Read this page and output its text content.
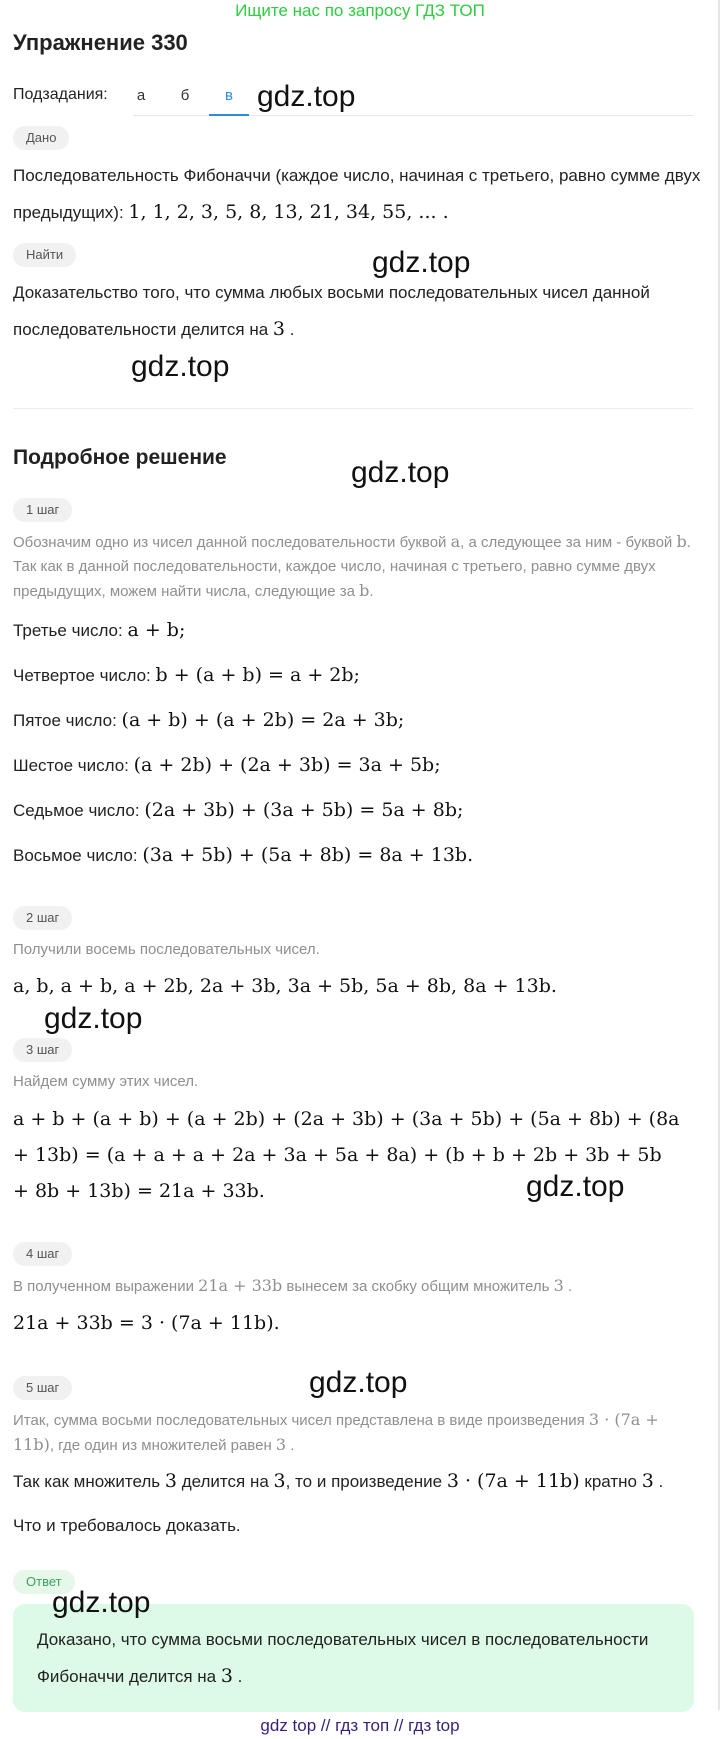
Ищите нас по запросу ГДЗ ТОП
Упражнение 330
Подзадания:	а	б	в gdz.top
Дано
Последовательность Фибоначчи (каждое число, начиная с третьего, равно сумме двух предыдущих): 1, 1, 2, 3, 5, 8, 13, 21, 34, 55, ... .
Найти	gdz.top
Доказательство того, что сумма любых восьми последовательных чисел данной последовательности делится на 3 .
gdz.top
Подробное решение	gdz.top
1 шаг
Обозначим одно из чисел данной последовательности буквой a, а следующее за ним - буквой b. Так как в данной последовательности, каждое число, начиная с третьего, равно сумме двух предыдущих, можем найти числа, следующие за b.
Третье число: a + b;
Четвертое число: b + (a + b) = a + 2b;
Пятое число: (a + b) + (a + 2b) = 2a + 3b;
Шестое число: (a + 2b) + (2a + 3b) = 3a + 5b;
Седьмое число: (2a + 3b) + (3a + 5b) = 5a + 8b;
Восьмое число: (3a + 5b) + (5a + 8b) = 8a + 13b.
2 шаг
Получили восемь последовательных чисел.
a, b, a + b, a + 2b, 2a + 3b, 3a + 5b, 5a + 8b, 8a + 13b.
gdz.top
3 шаг
Найдем сумму этих чисел.
a + b + (a + b) + (a + 2b) + (2a + 3b) + (3a + 5b) + (5a + 8b) + (8a + 13b) = (a + a + a + 2a + 3a + 5a + 8a) + (b + b + 2b + 3b + 5b + 8b + 13b) = 21a + 33b.	gdz.top
4 шаг
В полученном выражении 21a + 33b вынесем за скобку общим множитель 3 .
21a + 33b = 3 · (7a + 11b).
gdz.top
5 шаг
Итак, сумма восьми последовательных чисел представлена в виде произведения 3 · (7a + 11b), где один из множителей равен 3 .
Так как множитель 3 делится на 3, то и произведение 3 · (7a + 11b) кратно 3 .
Что и требовалось доказать.
Ответ
Доказано, что сумма восьми последовательных чисел в последовательности Фибоначчи делится на 3 .
gdz.top
gdz top // гдз топ // гдз top
